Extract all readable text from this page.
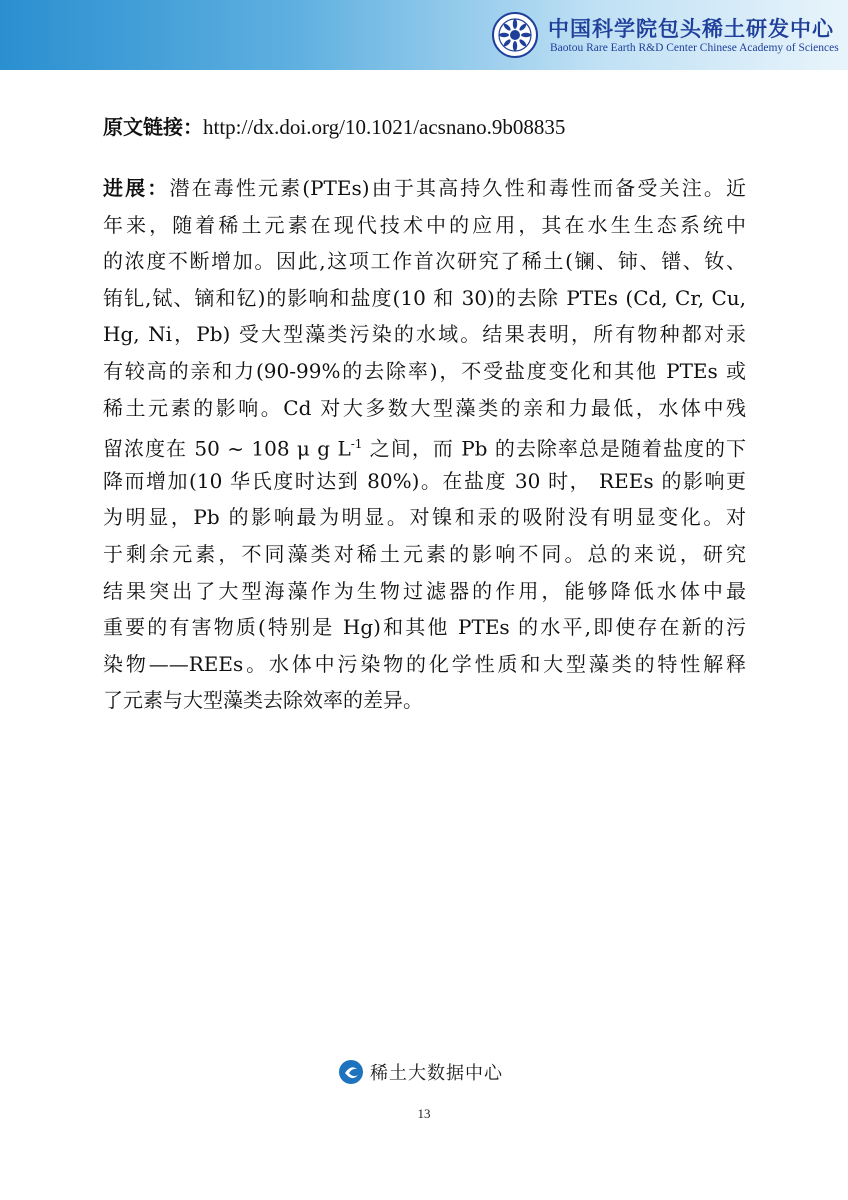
中国科学院包头稀土研发中心
Baotou Rare Earth R&D Center Chinese Academy of Sciences
原文链接：http://dx.doi.org/10.1021/acsnano.9b08835
进展：潜在毒性元素(PTEs)由于其高持久性和毒性而备受关注。近
年来，随着稀土元素在现代技术中的应用，其在水生生态系统中
的浓度不断增加。因此,这项工作首次研究了稀土(镧、铈、镨、钕、
铕钆,铽、镝和钇)的影响和盐度(10 和 30)的去除 PTEs (Cd, Cr, Cu,
Hg, Ni，Pb) 受大型藻类污染的水域。结果表明，所有物种都对汞
有较高的亲和力(90-99%的去除率)，不受盐度变化和其他 PTEs 或
稀土元素的影响。Cd 对大多数大型藻类的亲和力最低，水体中残
留浓度在 50 ~ 108 μ g $L^{-1}$ 之间，而 Pb 的去除率总是随着盐度的下
降而增加(10 华氏度时达到 80%)。在盐度 30 时， REEs 的影响更
为明显，Pb 的影响最为明显。对镍和汞的吸附没有明显变化。对
于剩余元素，不同藻类对稀土元素的影响不同。总的来说，研究
结果突出了大型海藻作为生物过滤器的作用，能够降低水体中最
重要的有害物质(特别是 Hg)和其他 PTEs 的水平,即使存在新的污
染物——REEs。水体中污染物的化学性质和大型藻类的特性解释
了元素与大型藻类去除效率的差异。
稀土大数据中心
13
